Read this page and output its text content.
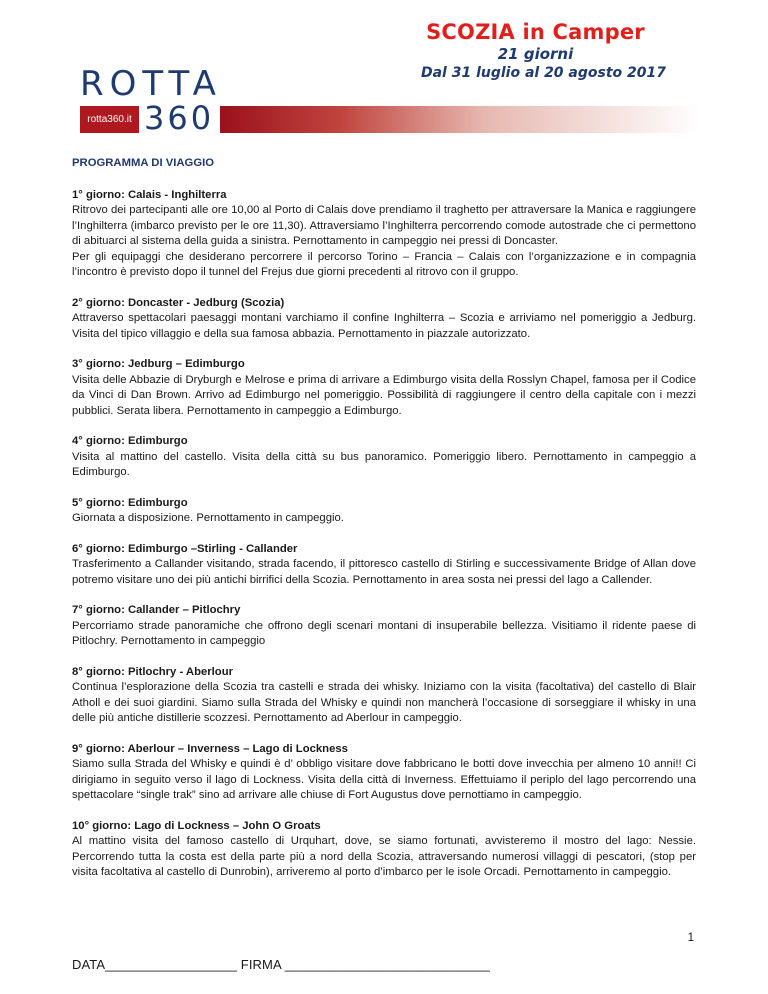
SCOZIA in Camper
21 giorni
Dal 31 luglio al 20 agosto 2017
ROTTA
rotta360.it 360
PROGRAMMA DI VIAGGIO
1° giorno: Calais - Inghilterra
Ritrovo dei partecipanti alle ore 10,00 al Porto di Calais dove prendiamo il traghetto per attraversare la Manica e raggiungere l’Inghilterra (imbarco previsto per le ore 11,30). Attraversiamo l’Inghilterra percorrendo comode autostrade che ci permettono di abituarci al sistema della guida a sinistra. Pernottamento in campeggio nei pressi di Doncaster.
Per gli equipaggi che desiderano percorrere il percorso Torino – Francia – Calais con l’organizzazione e in compagnia l’incontro è previsto dopo il tunnel del Frejus due giorni precedenti al ritrovo con il gruppo.
2° giorno: Doncaster - Jedburg (Scozia)
Attraverso spettacolari paesaggi montani varchiamo il confine Inghilterra – Scozia e arriviamo nel pomeriggio a Jedburg. Visita del tipico villaggio e della sua famosa abbazia. Pernottamento in piazzale autorizzato.
3° giorno: Jedburg – Edimburgo
Visita delle Abbazie di Dryburgh e Melrose e prima di arrivare a Edimburgo visita della Rosslyn Chapel, famosa per il Codice da Vinci di Dan Brown. Arrivo ad Edimburgo nel pomeriggio. Possibilità di raggiungere il centro della capitale con i mezzi pubblici. Serata libera. Pernottamento in campeggio a Edimburgo.
4° giorno: Edimburgo
Visita al mattino del castello. Visita della città su bus panoramico. Pomeriggio libero. Pernottamento in campeggio a Edimburgo.
5° giorno: Edimburgo
Giornata a disposizione. Pernottamento in campeggio.
6° giorno: Edimburgo –Stirling - Callander
Trasferimento a Callander visitando, strada facendo, il pittoresco castello di Stirling e successivamente Bridge of Allan dove potremo visitare uno dei più antichi birrifici della Scozia. Pernottamento in area sosta nei pressi del lago a Callender.
7° giorno: Callander – Pitlochry
Percorriamo strade panoramiche che offrono degli scenari montani di insuperabile bellezza. Visitiamo il ridente paese di Pitlochry. Pernottamento in campeggio
8° giorno: Pitlochry - Aberlour
Continua l’esplorazione della Scozia tra castelli e strada dei whisky. Iniziamo con la visita (facoltativa) del castello di Blair Atholl e dei suoi giardini. Siamo sulla Strada del Whisky e quindi non mancherà l’occasione di sorseggiare il whisky in una delle più antiche distillerie scozzesi. Pernottamento ad Aberlour in campeggio.
9° giorno: Aberlour – Inverness – Lago di Lockness
Siamo sulla Strada del Whisky e quindi è d’ obbligo visitare dove fabbricano le botti dove invecchia per almeno 10 anni!! Ci dirigiamo in seguito verso il lago di Lockness. Visita della città di Inverness. Effettuiamo il periplo del lago percorrendo una spettacolare “single trak” sino ad arrivare alle chiuse di Fort Augustus dove pernottiamo in campeggio.
10° giorno: Lago di Lockness – John O Groats
Al mattino visita del famoso castello di Urquhart, dove, se siamo fortunati, avvisteremo il mostro del lago: Nessie. Percorrendo tutta la costa est della parte più a nord della Scozia, attraversando numerosi villaggi di pescatori, (stop per visita facoltativa al castello di Dunrobin), arriveremo al porto d’imbarco per le isole Orcadi. Pernottamento in campeggio.
1
DATA__________________ FIRMA ____________________________
